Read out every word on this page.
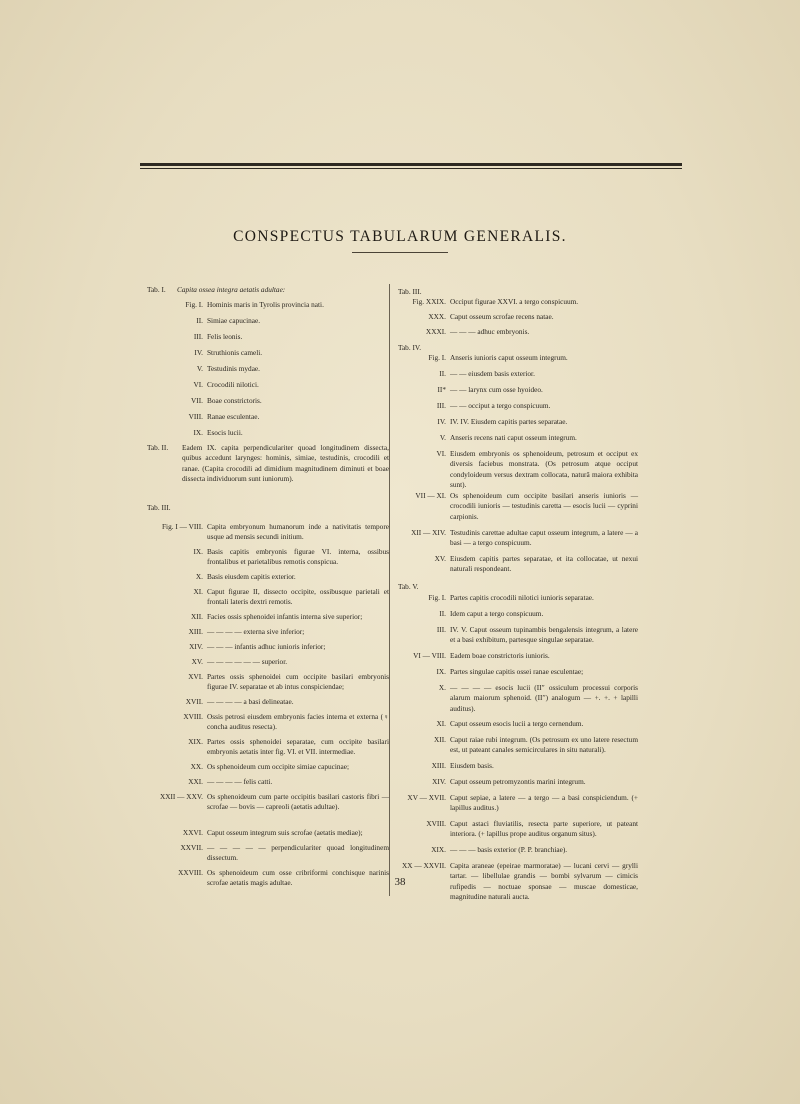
CONSPECTUS TABULARUM GENERALIS.
Tab. I. Capita ossea integra aetatis adultae:
Fig. I. Hominis maris in Tyrolis provincia nati.
II. Simiae capucinae.
III. Felis leonis.
IV. Struthionis cameli.
V. Testudinis mydae.
VI. Crocodili nilotici.
VII. Boae constrictoris.
VIII. Ranae esculentae.
IX. Esocis lucii.
Tab. II. Eadem IX. capita perpendiculariter quoad longitudinem dissecta, quibus accedunt larynges: hominis, simiae, testudinis, crocodili et ranae. (Capita crocodili ad dimidium magnitudinem diminuti et boae dissecta individuorum sunt iuniorum).
Tab. III.
Fig. I — VIII. Capita embryonum humanorum inde a nativitatis tempore usque ad mensis secundi initium.
IX. Basis capitis embryonis figurae VI. interna, ossibus frontalibus et parietalibus remotis conspicua.
X. Basis eiusdem capitis exterior.
XI. Caput figurae II, dissecto occipite, ossibusque parietali et frontali lateris dextri remotis.
XII. Facies ossis sphenoidei infantis interna sive superior;
XIII. — — — — externa sive inferior;
XIV. — — — infantis adhuc iunioris inferior;
XV. — — — — — — superior.
XVI. Partes ossis sphenoidei cum occipite basilari embryonis figurae IV. separatae et ab intus conspiciendae;
XVII. — — — — a basi delineatae.
XVIII. Ossis petrosi eiusdem embryonis facies interna et externa (♀ concha auditus resecta).
XIX. Partes ossis sphenoidei separatae, cum occipite basilari embryonis aetatis inter fig. VI. et VII. intermediae.
XX. Os sphenoideum cum occipite simiae capucinae;
XXI. — — — — felis catti.
XXII — XXV. Os sphenoideum cum parte occipitis basilari castoris fibri — scrofae — bovis — capreoli (aetatis adultae).
XXVI. Caput osseum integrum suis scrofae (aetatis mediae);
XXVII. — — — — — perpendiculariter quoad longitudinem dissectum.
XXVIII. Os sphenoideum cum osse cribriformi conchisque narinis scrofae aetatis magis adultae.
Tab. III.
Fig. XXIX. Occiput figurae XXVI. a tergo conspicuum.
XXX. Caput osseum scrofae recens natae.
XXXI. — — — adhuc embryonis.
Tab. IV.
Fig. I. Anseris iunioris caput osseum integrum.
II. — — eiusdem basis exterior.
II* — — larynx cum osse hyoideo.
III. — — occiput a tergo conspicuum.
IV. IV. IV. Eiusdem capitis partes separatae.
V. Anseris recens nati caput osseum integrum.
VI. Eiusdem embryonis os sphenoideum, petrosum et occiput ex diversis faciebus monstrata. (Os petrosum atque occiput condyloideum versus dextram collocata, naturâ maiora exhibita sunt).
VII — XI. Os sphenoideum cum occipite basilari anseris iunioris — crocodili iunioris — testudinis caretta — esocis lucii — cyprini carpionis.
XII — XIV. Testudinis carettae adultae caput osseum integrum, a latere — a basi — a tergo conspicuum.
XV. Eiusdem capitis partes separatae, et ita collocatae, ut nexui naturali respondeant.
Tab. V.
Fig. I. Partes capitis crocodili nilotici iunioris separatae.
II. Idem caput a tergo conspicuum.
III. IV. V. Caput osseum tupinambis bengalensis integrum, a latere et a basi exhibitum, partesque singulae separatae.
VI — VIII. Eadem boae constrictoris iunioris.
IX. Partes singulae capitis ossei ranae esculentae;
X. — — — — esocis lucii (II′′ ossiculum processui corporis alarum maiorum sphenoid. (II′′) analogum — +. +. + lapilli auditus).
XI. Caput osseum esocis lucii a tergo cernendum.
XII. Caput raiae rubi integrum. (Os petrosum ex uno latere resectum est, ut pateant canales semicirculares in situ naturali).
XIII. Eiusdem basis.
XIV. Caput osseum petromyzontis marini integrum.
XV — XVII. Caput sepiae, a latere — a tergo — a basi conspiciendum. (+ lapillus auditus.)
XVIII. Caput astaci fluviatilis, resecta parte superiore, ut pateant interiora. (+ lapillus prope auditus organum situs).
XIX. — — — basis exterior (P. P. branchiae).
XX — XXVII. Capita araneae (epeirae marmoratae) — lucani cervi — grylli tartar. — libellulae grandis — bombi sylvarum — cimicis rufipedis — noctuae sponsae — muscae domesticae, magnitudine naturali aucta.
38
